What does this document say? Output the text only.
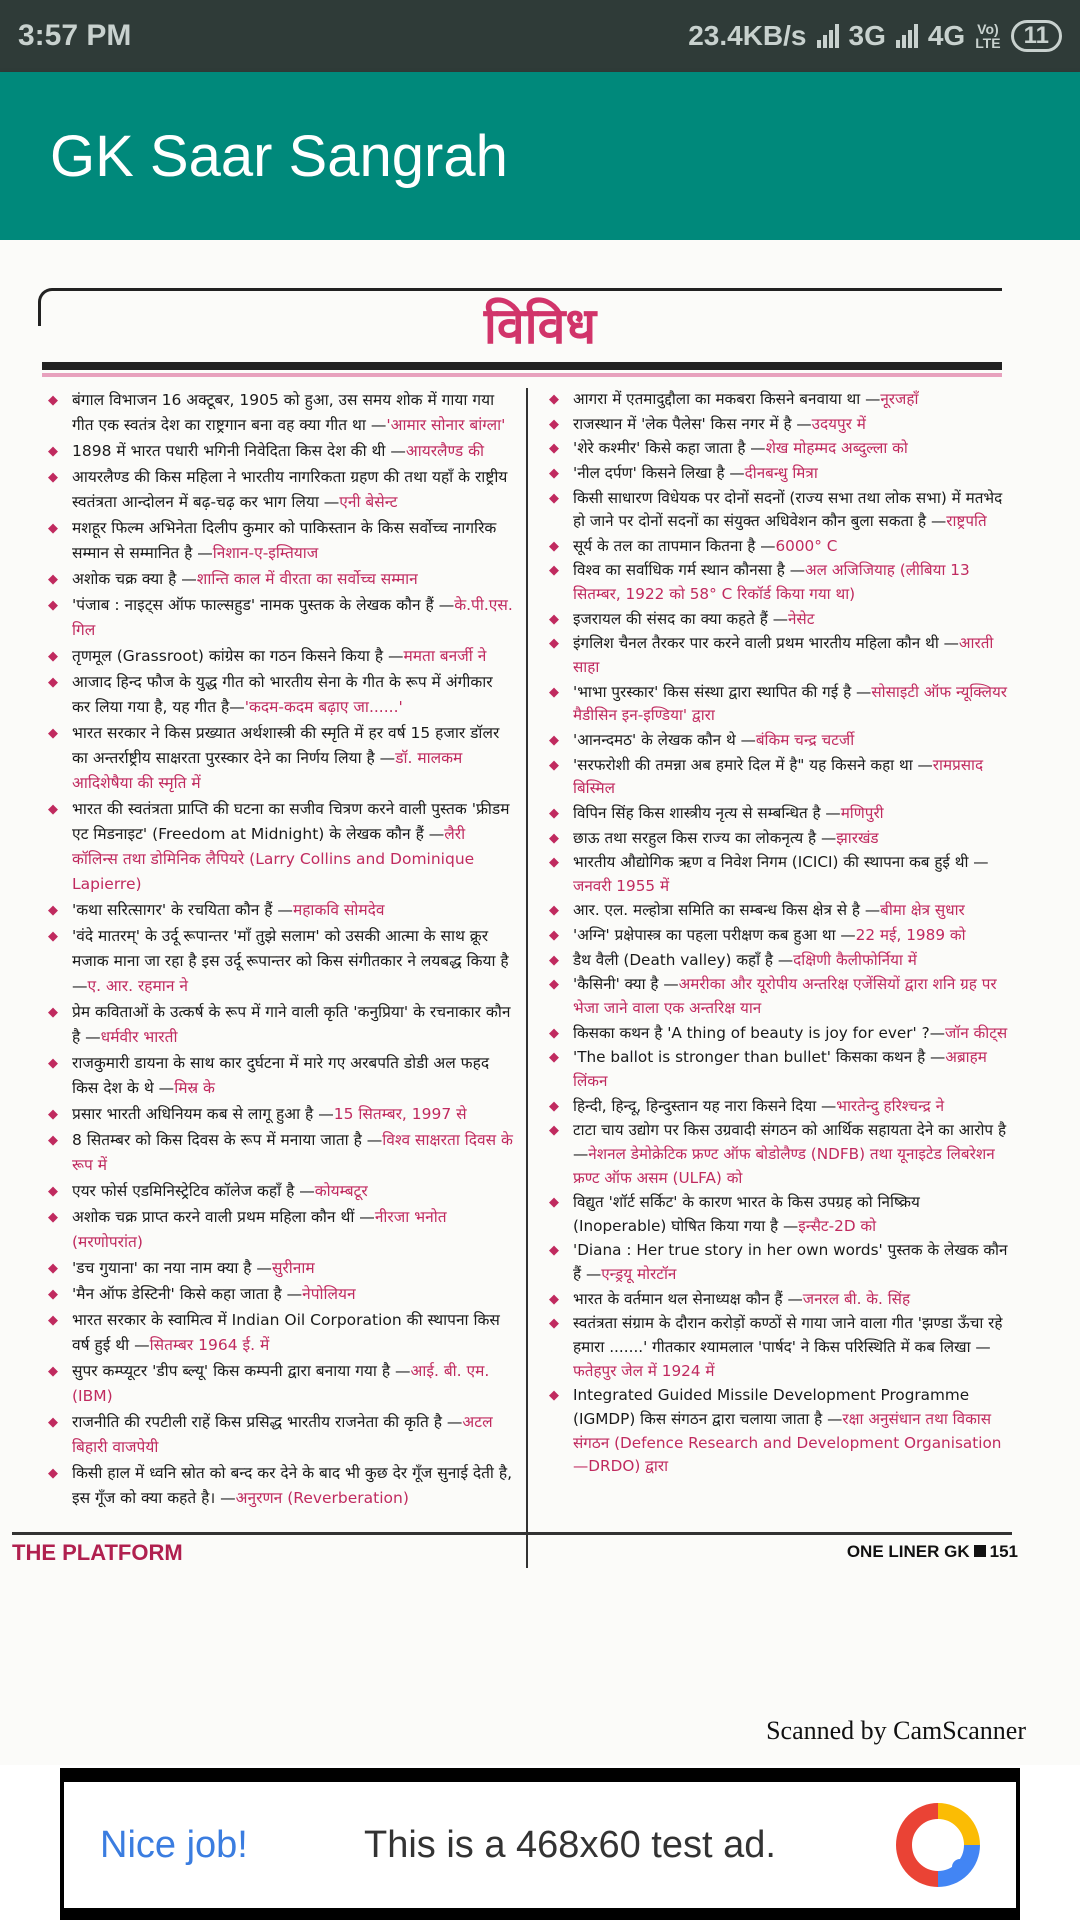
3:57 PM	23.4KB/s 3G 4G Vo)
LTE 11
GK Saar Sangrah
विविध
◆ बंगाल विभाजन 16 अक्टूबर, 1905 को हुआ, उस समय शोक में गाया गया गीत एक स्वतंत्र देश का राष्ट्रगान बना वह क्या गीत था —'आमार सोनार बांग्ला'
◆ 1898 में भारत पधारी भगिनी निवेदिता किस देश की थी —आयरलैण्ड की
◆ आयरलैण्ड की किस महिला ने भारतीय नागरिकता ग्रहण की तथा यहाँ के राष्ट्रीय स्वतंत्रता आन्दोलन में बढ़-चढ़ कर भाग लिया —एनी बेसेन्ट
◆ मशहूर फिल्म अभिनेता दिलीप कुमार को पाकिस्तान के किस सर्वोच्च नागरिक सम्मान से सम्मानित है —निशान-ए-इम्तियाज
◆ अशोक चक्र क्या है —शान्ति काल में वीरता का सर्वोच्च सम्मान
◆ 'पंजाब : नाइट्स ऑफ फाल्सहुड' नामक पुस्तक के लेखक कौन हैं —के.पी.एस. गिल
◆ तृणमूल (Grassroot) कांग्रेस का गठन किसने किया है —ममता बनर्जी ने
◆ आजाद हिन्द फौज के युद्ध गीत को भारतीय सेना के गीत के रूप में अंगीकार कर लिया गया है, यह गीत है—'कदम-कदम बढ़ाए जा......'
◆ भारत सरकार ने किस प्रख्यात अर्थशास्त्री की स्मृति में हर वर्ष 15 हजार डॉलर का अन्तर्राष्ट्रीय साक्षरता पुरस्कार देने का निर्णय लिया है —डॉ. मालकम आदिशेषैया की स्मृति में
◆ भारत की स्वतंत्रता प्राप्ति की घटना का सजीव चित्रण करने वाली पुस्तक 'फ्रीडम एट मिडनाइट' (Freedom at Midnight) के लेखक कौन हैं —लैरी कॉलिन्स तथा डोमिनिक लैपियरे (Larry Collins and Dominique Lapierre)
◆ 'कथा सरित्सागर' के रचयिता कौन हैं —महाकवि सोमदेव
◆ 'वंदे मातरम्' के उर्दू रूपान्तर 'माँ तुझे सलाम' को उसकी आत्मा के साथ क्रूर मजाक माना जा रहा है इस उर्दू रूपान्तर को किस संगीतकार ने लयबद्ध किया है —ए. आर. रहमान ने
◆ प्रेम कविताओं के उत्कर्ष के रूप में गाने वाली कृति 'कनुप्रिया' के रचनाकार कौन है —धर्मवीर भारती
◆ राजकुमारी डायना के साथ कार दुर्घटना में मारे गए अरबपति डोडी अल फहद किस देश के थे —मिस्र के
◆ प्रसार भारती अधिनियम कब से लागू हुआ है —15 सितम्बर, 1997 से
◆ 8 सितम्बर को किस दिवस के रूप में मनाया जाता है —विश्व साक्षरता दिवस के रूप में
◆ एयर फोर्स एडमिनिस्ट्रेटिव कॉलेज कहाँ है —कोयम्बटूर
◆ अशोक चक्र प्राप्त करने वाली प्रथम महिला कौन थीं —नीरजा भनोत (मरणोपरांत)
◆ 'डच गुयाना' का नया नाम क्या है —सुरीनाम
◆ 'मैन ऑफ डेस्टिनी' किसे कहा जाता है —नेपोलियन
◆ भारत सरकार के स्वामित्व में Indian Oil Corporation की स्थापना किस वर्ष हुई थी —सितम्बर 1964 ई. में
◆ सुपर कम्प्यूटर 'डीप ब्ल्यू' किस कम्पनी द्वारा बनाया गया है —आई. बी. एम. (IBM)
◆ राजनीति की रपटीली राहें किस प्रसिद्ध भारतीय राजनेता की कृति है —अटल बिहारी वाजपेयी
◆ किसी हाल में ध्वनि स्रोत को बन्द कर देने के बाद भी कुछ देर गूँज सुनाई देती है, इस गूँज को क्या कहते है। —अनुरणन (Reverberation)
◆ आगरा में एतमादुद्दौला का मकबरा किसने बनवाया था —नूरजहाँ
◆ राजस्थान में 'लेक पैलेस' किस नगर में है —उदयपुर में
◆ 'शेरे कश्मीर' किसे कहा जाता है —शेख मोहम्मद अब्दुल्ला को
◆ 'नील दर्पण' किसने लिखा है —दीनबन्धु मित्रा
◆ किसी साधारण विधेयक पर दोनों सदनों (राज्य सभा तथा लोक सभा) में मतभेद हो जाने पर दोनों सदनों का संयुक्त अधिवेशन कौन बुला सकता है —राष्ट्रपति
◆ सूर्य के तल का तापमान कितना है —6000° C
◆ विश्व का सर्वाधिक गर्म स्थान कौनसा है —अल अजिजियाह (लीबिया 13 सितम्बर, 1922 को 58° C रिकॉर्ड किया गया था)
◆ इजरायल की संसद का क्या कहते हैं —नेसेट
◆ इंगलिश चैनल तैरकर पार करने वाली प्रथम भारतीय महिला कौन थी —आरती साहा
◆ 'भाभा पुरस्कार' किस संस्था द्वारा स्थापित की गई है —सोसाइटी ऑफ न्यूक्लियर मैडीसिन इन-इण्डिया' द्वारा
◆ 'आनन्दमठ' के लेखक कौन थे —बंकिम चन्द्र चटर्जी
◆ 'सरफरोशी की तमन्ना अब हमारे दिल में है" यह किसने कहा था —रामप्रसाद बिस्मिल
◆ विपिन सिंह किस शास्त्रीय नृत्य से सम्बन्धित है —मणिपुरी
◆ छाऊ तथा सरहुल किस राज्य का लोकनृत्य है —झारखंड
◆ भारतीय औद्योगिक ऋण व निवेश निगम (ICICI) की स्थापना कब हुई थी —जनवरी 1955 में
◆ आर. एल. मल्होत्रा समिति का सम्बन्ध किस क्षेत्र से है —बीमा क्षेत्र सुधार
◆ 'अग्नि' प्रक्षेपास्त्र का पहला परीक्षण कब हुआ था —22 मई, 1989 को
◆ डैथ वैली (Death valley) कहाँ है —दक्षिणी कैलीफोर्निया में
◆ 'कैसिनी' क्या है —अमरीका और यूरोपीय अन्तरिक्ष एजेंसियों द्वारा शनि ग्रह पर भेजा जाने वाला एक अन्तरिक्ष यान
◆ किसका कथन है 'A thing of beauty is joy for ever' ?—जॉन कीट्स
◆ 'The ballot is stronger than bullet' किसका कथन है —अब्राहम लिंकन
◆ हिन्दी, हिन्दू, हिन्दुस्तान यह नारा किसने दिया —भारतेन्दु हरिश्चन्द्र ने
◆ टाटा चाय उद्योग पर किस उग्रवादी संगठन को आर्थिक सहायता देने का आरोप है —नेशनल डेमोक्रेटिक फ्रण्ट ऑफ बोडोलैण्ड (NDFB) तथा यूनाइटेड लिबरेशन फ्रण्ट ऑफ असम (ULFA) को
◆ विद्युत 'शॉर्ट सर्किट' के कारण भारत के किस उपग्रह को निष्क्रिय (Inoperable) घोषित किया गया है —इन्सैट-2D को
◆ 'Diana : Her true story in her own words' पुस्तक के लेखक कौन हैं —एन्ड्रयू मोरटॉन
◆ भारत के वर्तमान थल सेनाध्यक्ष कौन हैं —जनरल बी. के. सिंह
◆ स्वतंत्रता संग्राम के दौरान करोड़ों कण्ठों से गाया जाने वाला गीत 'झण्डा ऊँचा रहे हमारा .......' गीतकार श्यामलाल 'पार्षद' ने किस परिस्थिति में कब लिखा —फतेहपुर जेल में 1924 में
◆ Integrated Guided Missile Development Programme (IGMDP) किस संगठन द्वारा चलाया जाता है —रक्षा अनुसंधान तथा विकास संगठन (Defence Research and Development Organisation—DRDO) द्वारा
THE PLATFORM	ONE LINER GK 151
Scanned by CamScanner
Nice job!	This is a 468x60 test ad.
